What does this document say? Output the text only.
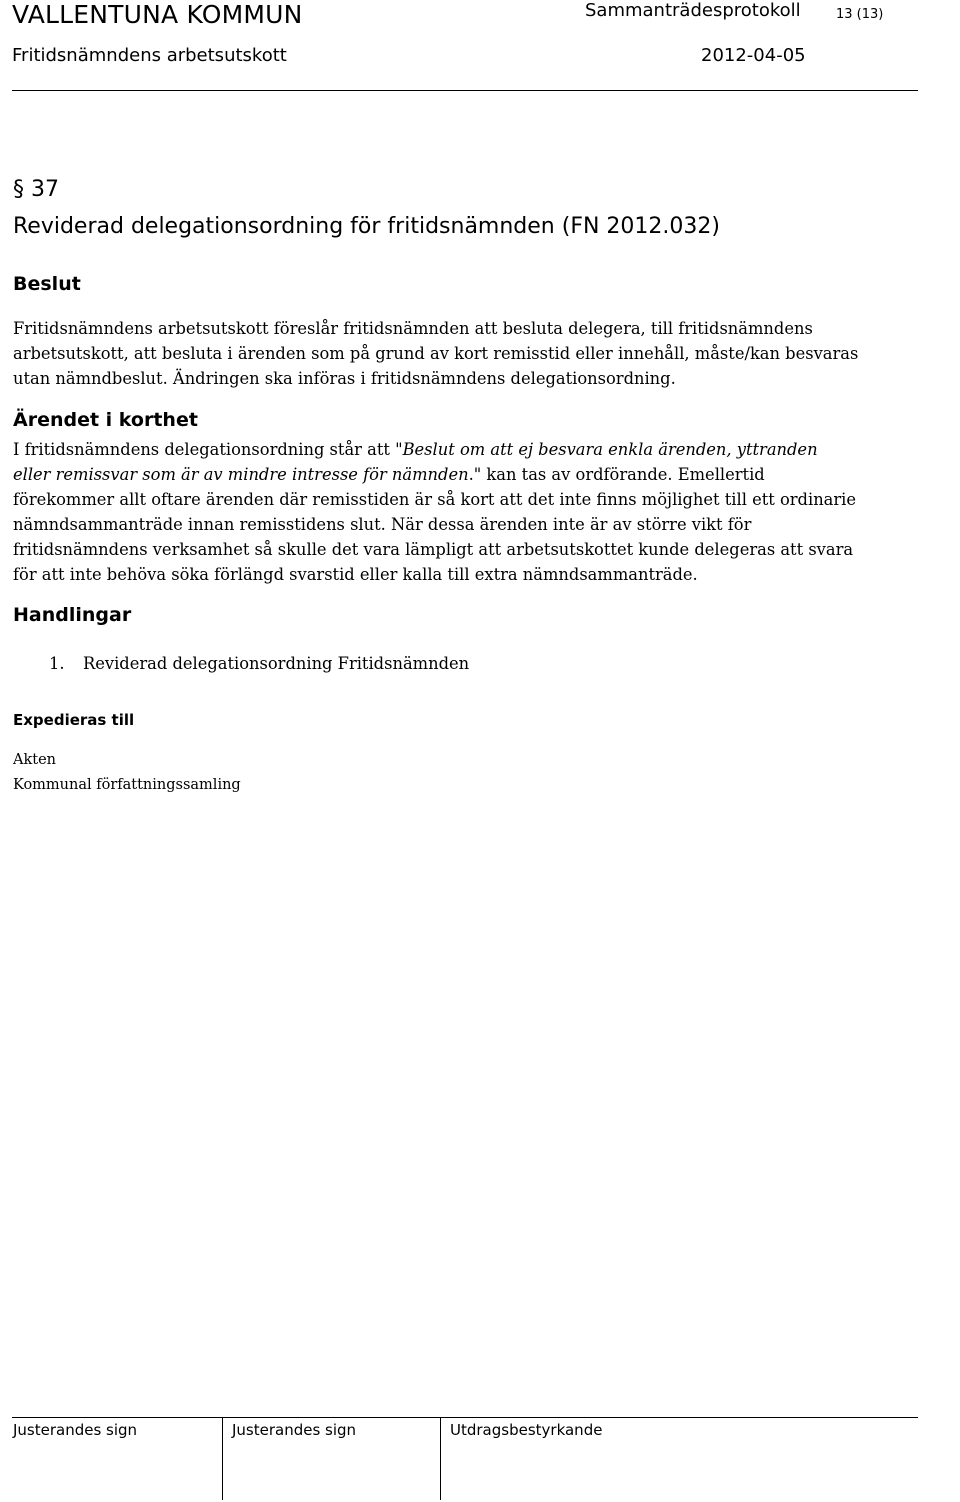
VALLENTUNA KOMMUN	Sammanträdesprotokoll	13 (13)
Fritidsnämndens arbetsutskott	2012-04-05
§ 37
Reviderad delegationsordning för fritidsnämnden (FN 2012.032)
Beslut
Fritidsnämndens arbetsutskott föreslår fritidsnämnden att besluta delegera, till fritidsnämndens
arbetsutskott, att besluta i ärenden som på grund av kort remisstid eller innehåll, måste/kan besvaras
utan nämndbeslut. Ändringen ska införas i fritidsnämndens delegationsordning.
Ärendet i korthet
I fritidsnämndens delegationsordning står att "Beslut om att ej besvara enkla ärenden, yttranden
eller remissvar som är av mindre intresse för nämnden." kan tas av ordförande. Emellertid
förekommer allt oftare ärenden där remisstiden är så kort att det inte finns möjlighet till ett ordinarie
nämndsammanträde innan remisstidens slut. När dessa ärenden inte är av större vikt för
fritidsnämndens verksamhet så skulle det vara lämpligt att arbetsutskottet kunde delegeras att svara
för att inte behöva söka förlängd svarstid eller kalla till extra nämndsammanträde.
Handlingar
1. Reviderad delegationsordning Fritidsnämnden
Expedieras till
Akten
Kommunal författningssamling
Justerandes sign	Justerandes sign	Utdragsbestyrkande
